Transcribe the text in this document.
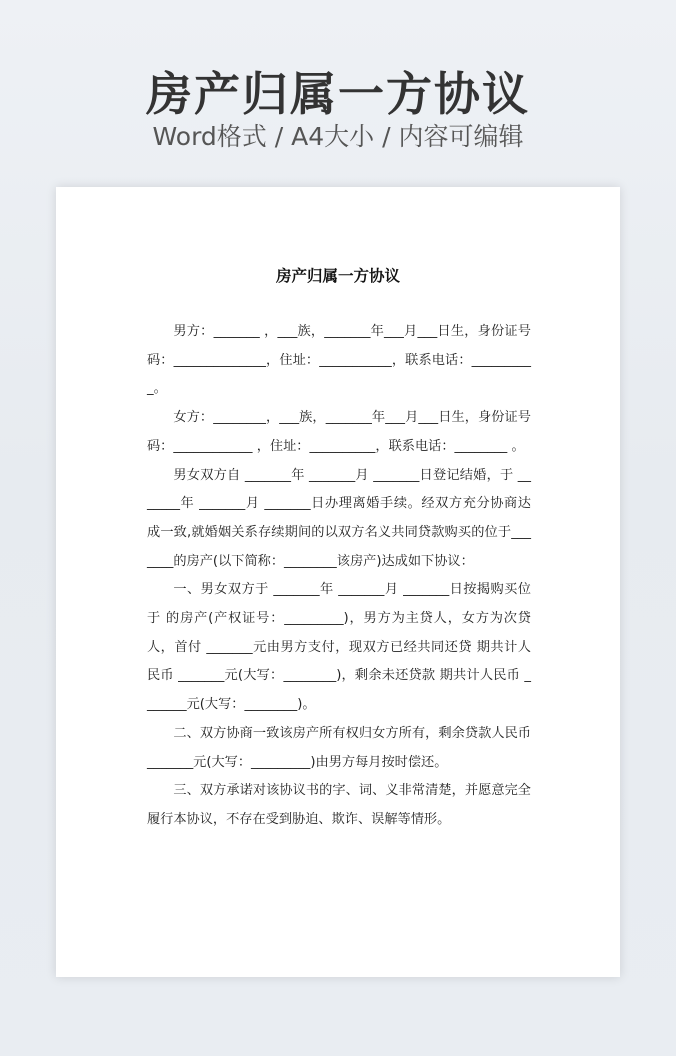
房产归属一方协议
Word格式 / A4大小 / 内容可编辑
房产归属一方协议

男方：_______ ，___族，_______年___月___日生，身份证号码：______________，住址：___________，联系电话：__________。

女方：________，___族，_______年___月___日生，身份证号码：____________ ，住址：__________，联系电话：________ 。

男女双方自 _______年 _______月 _______日登记结婚，于 _______年 _______月 _______日办理离婚手续。经双方充分协商达成一致,就婚姻关系存续期间的以双方名义共同贷款购买的位于_______的房产(以下简称：________该房产)达成如下协议：

一、男女双方于 _______年 _______月 _______日按揭购买位于 的房产(产权证号：_________)，男方为主贷人，女方为次贷人，首付 _______元由男方支付，现双方已经共同还贷 期共计人民币 _______元(大写：________)，剩余未还贷款 期共计人民币 _______元(大写：________)。

二、双方协商一致该房产所有权归女方所有，剩余贷款人民币 _______元(大写：_________)由男方每月按时偿还。

三、双方承诺对该协议书的字、词、义非常清楚，并愿意完全履行本协议，不存在受到胁迫、欺诈、误解等情形。
